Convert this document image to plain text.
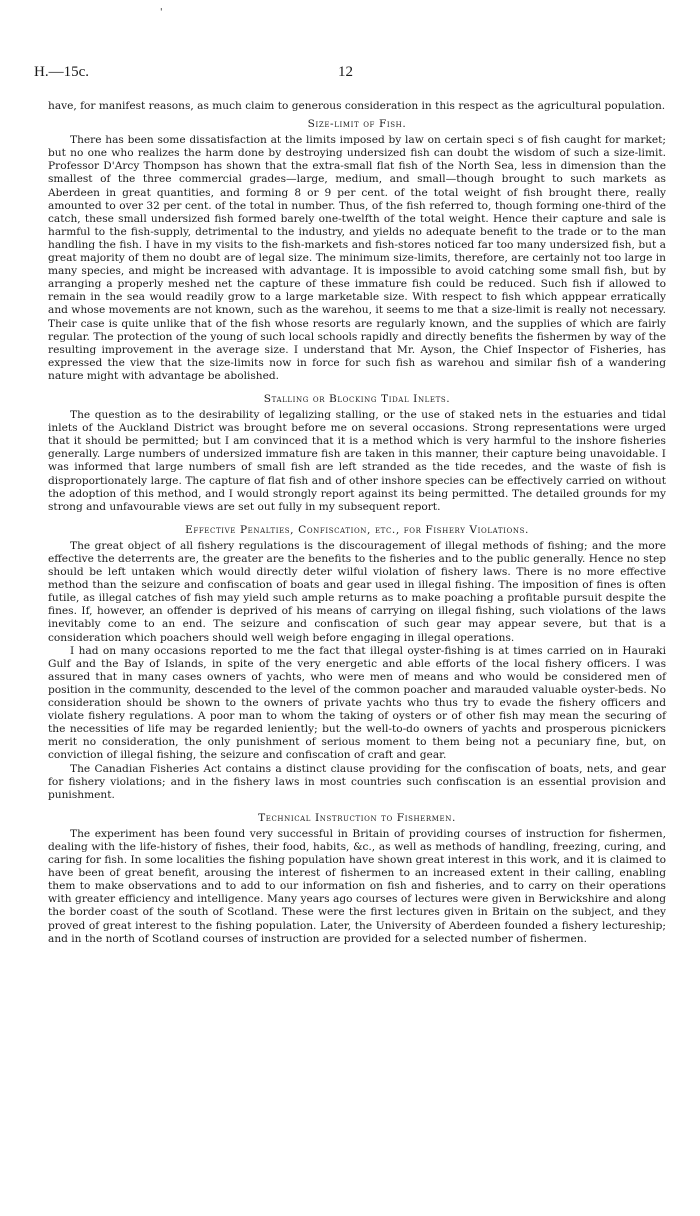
'
H.—15c.	12

have, for manifest reasons, as much claim to generous consideration in this respect as the agricultural population.

Size-limit of Fish.

There has been some dissatisfaction at the limits imposed by law on certain speci s of fish caught for market; but no one who realizes the harm done by destroying undersized fish can doubt the wisdom of such a size-limit. Professor D'Arcy Thompson has shown that the extra-small flat fish of the North Sea, less in dimension than the smallest of the three commercial grades—large, medium, and small—though brought to such markets as Aberdeen in great quantities, and forming 8 or 9 per cent. of the total weight of fish brought there, really amounted to over 32 per cent. of the total in number. Thus, of the fish referred to, though forming one-third of the catch, these small undersized fish formed barely one-twelfth of the total weight. Hence their capture and sale is harmful to the fish-supply, detrimental to the industry, and yields no adequate benefit to the trade or to the man handling the fish. I have in my visits to the fish-markets and fish-stores noticed far too many undersized fish, but a great majority of them no doubt are of legal size. The minimum size-limits, therefore, are certainly not too large in many species, and might be increased with advantage. It is impossible to avoid catching some small fish, but by arranging a properly meshed net the capture of these immature fish could be reduced. Such fish if allowed to remain in the sea would readily grow to a large marketable size. With respect to fish which apppear erratically and whose movements are not known, such as the warehou, it seems to me that a size-limit is really not necessary. Their case is quite unlike that of the fish whose resorts are regularly known, and the supplies of which are fairly regular. The protection of the young of such local schools rapidly and directly benefits the fishermen by way of the resulting improvement in the average size. I understand that Mr. Ayson, the Chief Inspector of Fisheries, has expressed the view that the size-limits now in force for such fish as warehou and similar fish of a wandering nature might with advantage be abolished.

Stalling or Blocking Tidal Inlets.

The question as to the desirability of legalizing stalling, or the use of staked nets in the estuaries and tidal inlets of the Auckland District was brought before me on several occasions. Strong representations were urged that it should be permitted; but I am convinced that it is a method which is very harmful to the inshore fisheries generally. Large numbers of undersized immature fish are taken in this manner, their capture being unavoidable. I was informed that large numbers of small fish are left stranded as the tide recedes, and the waste of fish is disproportionately large. The capture of flat fish and of other inshore species can be effectively carried on without the adoption of this method, and I would strongly report against its being permitted. The detailed grounds for my strong and unfavourable views are set out fully in my subsequent report.

Effective Penalties, Confiscation, etc., for Fishery Violations.

The great object of all fishery regulations is the discouragement of illegal methods of fishing; and the more effective the deterrents are, the greater are the benefits to the fisheries and to the public generally. Hence no step should be left untaken which would directly deter wilful violation of fishery laws. There is no more effective method than the seizure and confiscation of boats and gear used in illegal fishing. The imposition of fines is often futile, as illegal catches of fish may yield such ample returns as to make poaching a profitable pursuit despite the fines. If, however, an offender is deprived of his means of carrying on illegal fishing, such violations of the laws inevitably come to an end. The seizure and confiscation of such gear may appear severe, but that is a consideration which poachers should well weigh before engaging in illegal operations.

I had on many occasions reported to me the fact that illegal oyster-fishing is at times carried on in Hauraki Gulf and the Bay of Islands, in spite of the very energetic and able efforts of the local fishery officers. I was assured that in many cases owners of yachts, who were men of means and who would be considered men of position in the community, descended to the level of the common poacher and marauded valuable oyster-beds. No consideration should be shown to the owners of private yachts who thus try to evade the fishery officers and violate fishery regulations. A poor man to whom the taking of oysters or of other fish may mean the securing of the necessities of life may be regarded leniently; but the well-to-do owners of yachts and prosperous picnickers merit no consideration, the only punishment of serious moment to them being not a pecuniary fine, but, on conviction of illegal fishing, the seizure and confiscation of craft and gear.

The Canadian Fisheries Act contains a distinct clause providing for the confiscation of boats, nets, and gear for fishery violations; and in the fishery laws in most countries such confiscation is an essential provision and punishment.

Technical Instruction to Fishermen.

The experiment has been found very successful in Britain of providing courses of instruction for fishermen, dealing with the life-history of fishes, their food, habits, &c., as well as methods of handling, freezing, curing, and caring for fish. In some localities the fishing population have shown great interest in this work, and it is claimed to have been of great benefit, arousing the interest of fishermen to an increased extent in their calling, enabling them to make observations and to add to our information on fish and fisheries, and to carry on their operations with greater efficiency and intelligence. Many years ago courses of lectures were given in Berwickshire and along the border coast of the south of Scotland. These were the first lectures given in Britain on the subject, and they proved of great interest to the fishing population. Later, the University of Aberdeen founded a fishery lectureship; and in the north of Scotland courses of instruction are provided for a selected number of fishermen.
